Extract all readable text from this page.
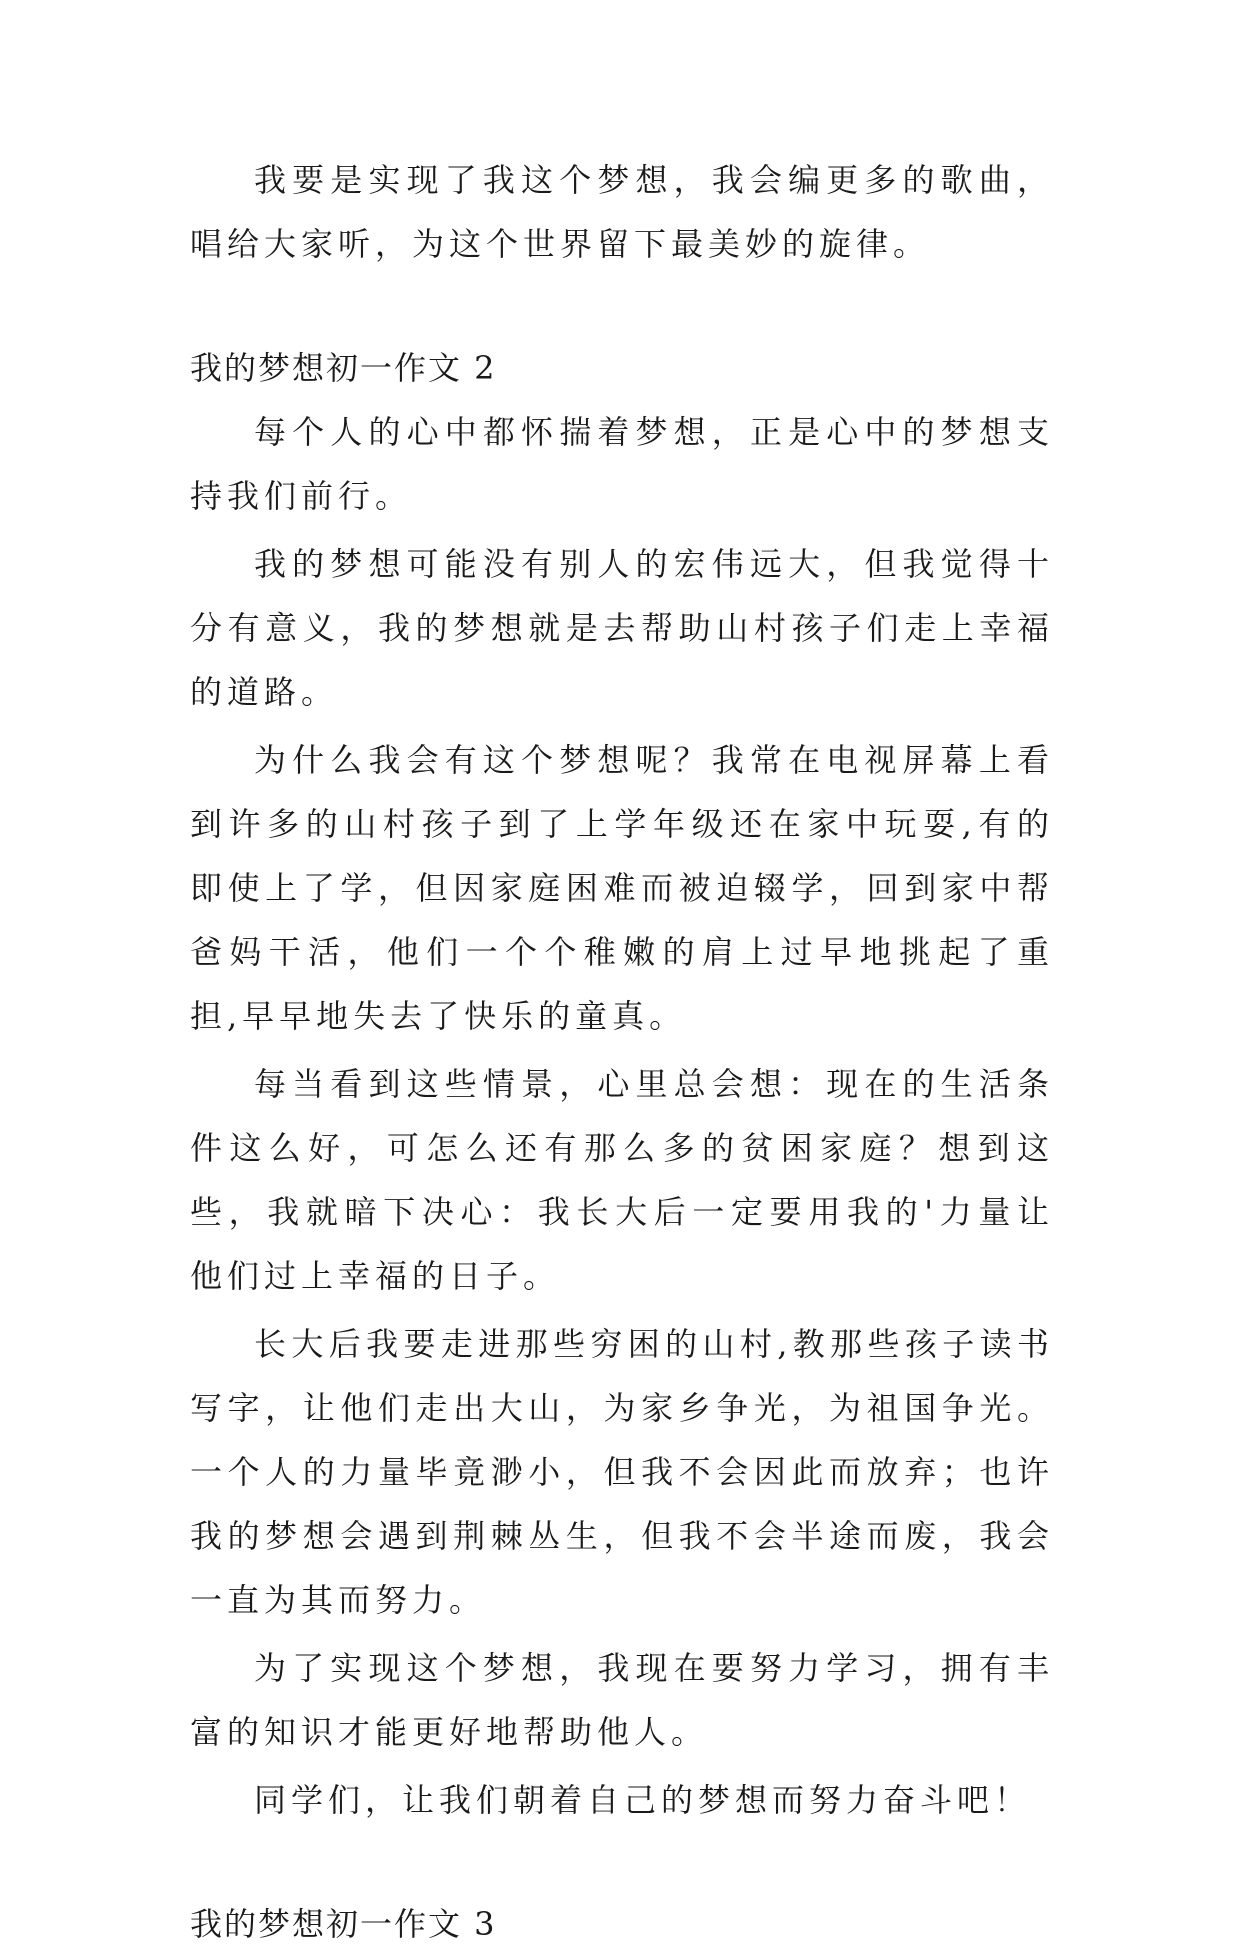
我要是实现了我这个梦想，我会编更多的歌曲，唱给大家听，为这个世界留下最美妙的旋律。

我的梦想初一作文 2

每个人的心中都怀揣着梦想，正是心中的梦想支持我们前行。

我的梦想可能没有别人的宏伟远大，但我觉得十分有意义，我的梦想就是去帮助山村孩子们走上幸福的道路。

为什么我会有这个梦想呢？我常在电视屏幕上看到许多的山村孩子到了上学年级还在家中玩耍,有的即使上了学，但因家庭困难而被迫辍学，回到家中帮爸妈干活，他们一个个稚嫩的肩上过早地挑起了重担,早早地失去了快乐的童真。

每当看到这些情景，心里总会想：现在的生活条件这么好，可怎么还有那么多的贫困家庭？想到这些，我就暗下决心：我长大后一定要用我的'力量让他们过上幸福的日子。

长大后我要走进那些穷困的山村,教那些孩子读书写字，让他们走出大山，为家乡争光，为祖国争光。一个人的力量毕竟渺小，但我不会因此而放弃；也许我的梦想会遇到荆棘丛生，但我不会半途而废，我会一直为其而努力。

为了实现这个梦想，我现在要努力学习，拥有丰富的知识才能更好地帮助他人。

同学们，让我们朝着自己的梦想而努力奋斗吧！

我的梦想初一作文 3
